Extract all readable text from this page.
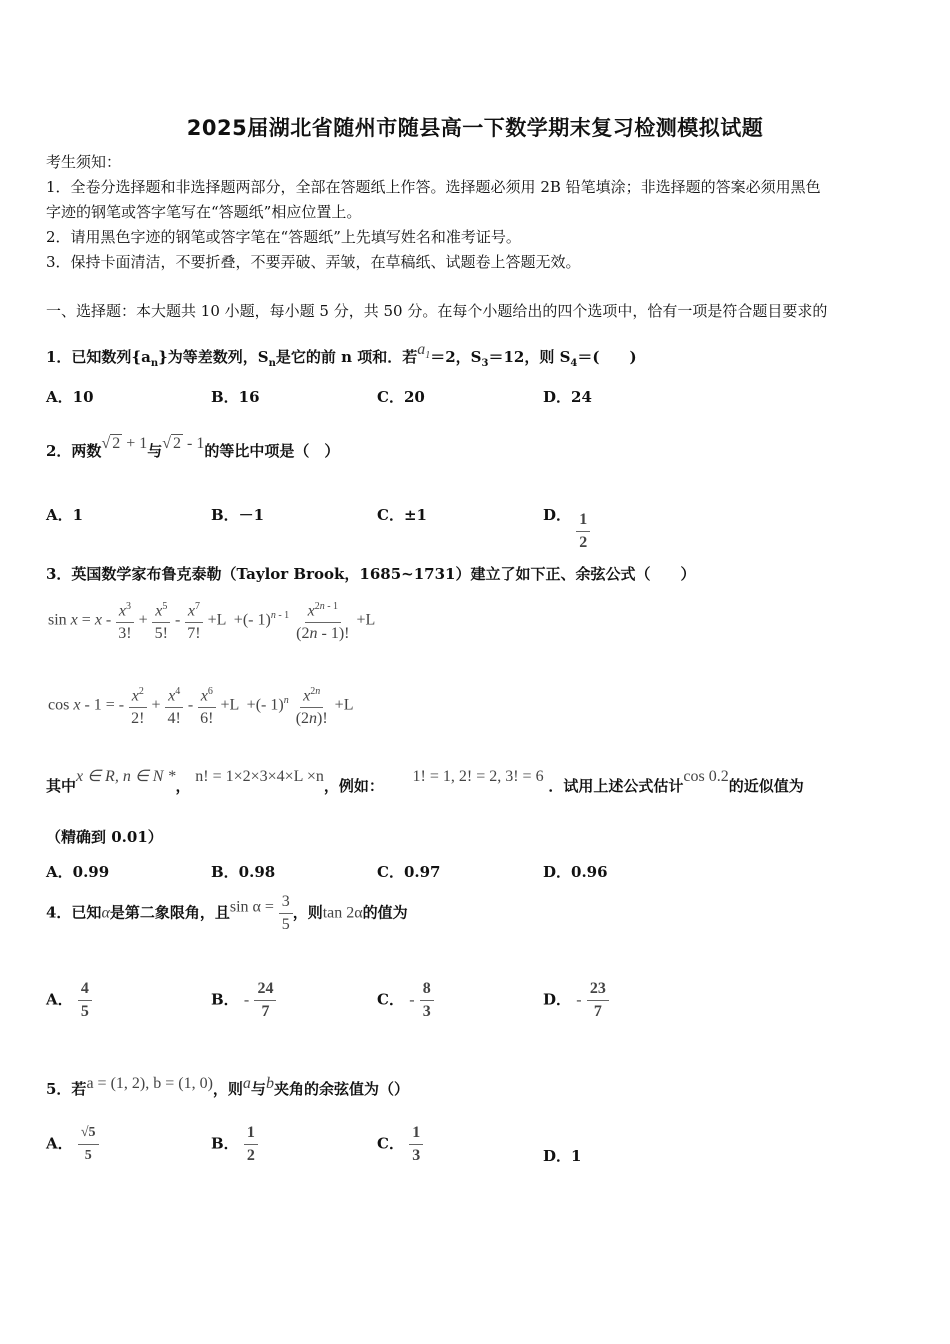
2025届湖北省随州市随县高一下数学期末复习检测模拟试题
考生须知：
1．全卷分选择题和非选择题两部分，全部在答题纸上作答。选择题必须用 2B 铅笔填涂；非选择题的答案必须用黑色
字迹的钢笔或答字笔写在“答题纸”相应位置上。
2．请用黑色字迹的钢笔或答字笔在“答题纸”上先填写姓名和准考证号。
3．保持卡面清洁，不要折叠，不要弄破、弄皱，在草稿纸、试题卷上答题无效。
一、选择题：本大题共 10 小题，每小题 5 分，共 50 分。在每个小题给出的四个选项中，恰有一项是符合题目要求的
1．已知数列$\{a_n\}$为等差数列，$S_n$是它的前 n 项和．若$a_1=2$，$S_3=12$，则 $S_4=$(　　)
A．10	B．16	C．20	D．24
2．两数√ 2 + 1与√ 2 - 1的等比中项是（　）
A．1	B．－1	C．±1	D． $\frac{1}{2}$
3．英国数学家布鲁克泰勒（Taylor Brook，1685~1731）建立了如下正、余弦公式（　　）
$\sin x = x - \frac{x^3}{3!} + \frac{x^5}{5!} - \frac{x^7}{7!} +L$  +(- $1)^{n - 1} \frac{x^{2n - 1}}{(2n - 1)!} +L$
cos x - 1 = - $\frac{x^2}{2!} + \frac{x^4}{4!} - \frac{x^6}{6!} +L$  +(- $1)^n \frac{x^{2n}}{(2n)!} +L$
其中x ∈ R, n ∈ N *， n! = 1×2×3×4×L ×n，例如：      1! = 1, 2! = 2, 3! = 6 ．试用上述公式估计cos 0.2的近似值为
（精确到 0.01）
A．0.99	B．0.98	C．0.97	D．0.96
4．已知α是第二象限角，且$\sin \alpha = \frac{3}{5}$ ，则tan 2α的值为
A． $\frac{4}{5}$	B． - $\frac{24}{7}$	C． - $\frac{8}{3}$	D． - $\frac{23}{7}$
5．若a = (1, 2), b = (1, 0)，则a与b夹角的余弦值为（）
A． $\frac{√5}{5}$	B． $\frac{1}{2}$	C． $\frac{1}{3}$	D．1
